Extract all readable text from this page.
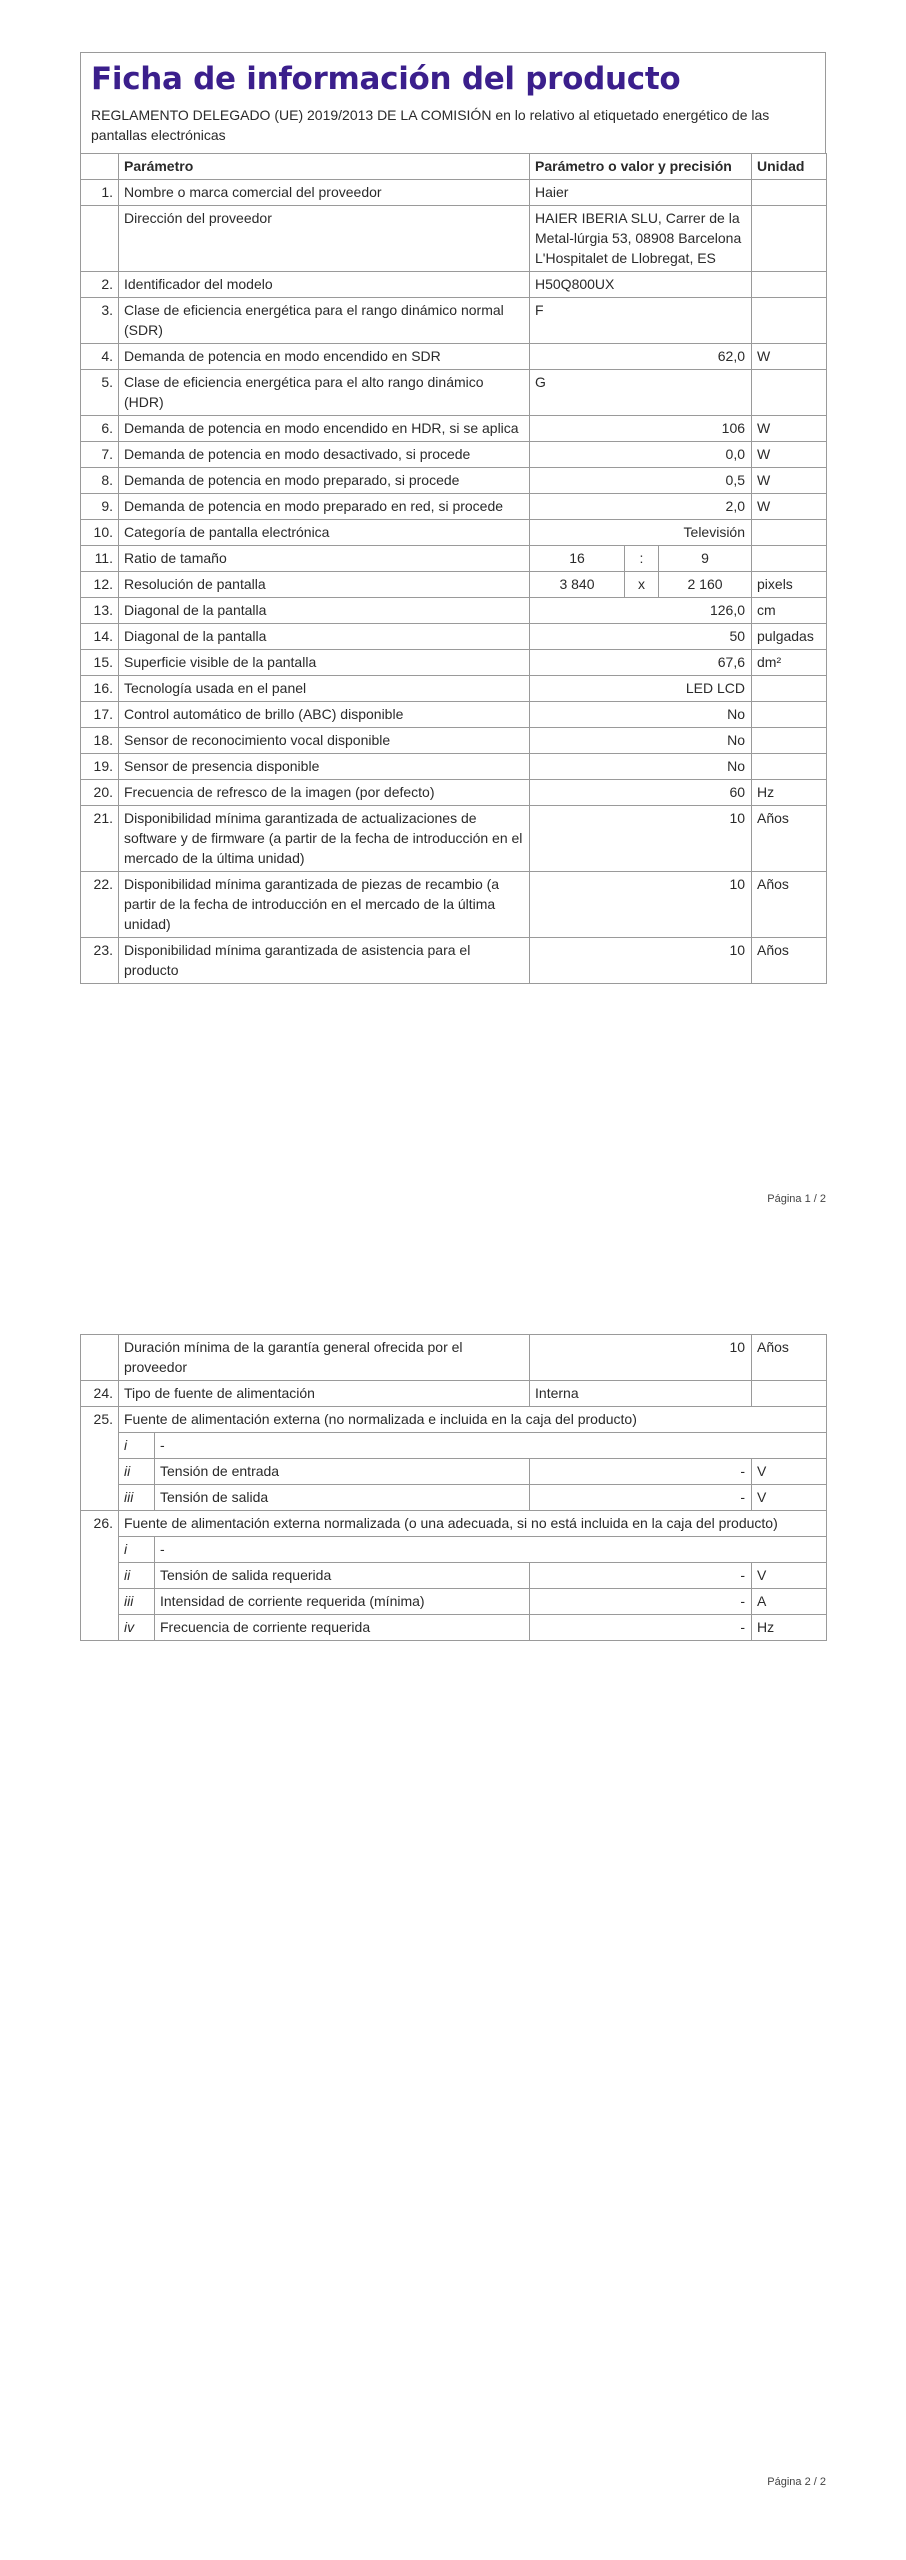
Ficha de información del producto
REGLAMENTO DELEGADO (UE) 2019/2013 DE LA COMISIÓN en lo relativo al etiquetado energético de las pantallas electrónicas
	Parámetro	Parámetro o valor y precisión			Unidad
1.	Nombre o marca comercial del proveedor	Haier			
	Dirección del proveedor	HAIER IBERIA SLU, Carrer de la Metal-lúrgia 53, 08908 Barcelona L'Hospitalet de Llobregat, ES			
2.	Identificador del modelo	H50Q800UX			
3.	Clase de eficiencia energética para el rango dinámico normal (SDR)	F			
4.	Demanda de potencia en modo encendido en SDR	62,0			W
5.	Clase de eficiencia energética para el alto rango dinámico (HDR)	G			
6.	Demanda de potencia en modo encendido en HDR, si se aplica	106			W
7.	Demanda de potencia en modo desactivado, si procede	0,0			W
8.	Demanda de potencia en modo preparado, si procede	0,5			W
9.	Demanda de potencia en modo preparado en red, si procede	2,0			W
10.	Categoría de pantalla electrónica	Televisión			
11.	Ratio de tamaño	16	:	9	
12.	Resolución de pantalla	3 840	x	2 160	pixels
13.	Diagonal de la pantalla	126,0			cm
14.	Diagonal de la pantalla	50			pulgadas
15.	Superficie visible de la pantalla	67,6			dm²
16.	Tecnología usada en el panel	LED LCD			
17.	Control automático de brillo (ABC) disponible	No			
18.	Sensor de reconocimiento vocal disponible	No			
19.	Sensor de presencia disponible	No			
20.	Frecuencia de refresco de la imagen (por defecto)	60			Hz
21.	Disponibilidad mínima garantizada de actualizaciones de software y de firmware (a partir de la fecha de introducción en el mercado de la última unidad)	10			Años
22.	Disponibilidad mínima garantizada de piezas de recambio (a partir de la fecha de introducción en el mercado de la última unidad)	10			Años
23.	Disponibilidad mínima garantizada de asistencia para el producto	10			Años
Página 1 / 2
	Duración mínima de la garantía general ofrecida por el proveedor		10	Años
24.	Tipo de fuente de alimentación		Interna	
25.	Fuente de alimentación externa (no normalizada e incluida en la caja del producto)			
	i	-		
	ii	Tensión de entrada	-	V
	iii	Tensión de salida	-	V
26.	Fuente de alimentación externa normalizada (o una adecuada, si no está incluida en la caja del producto)			
	i	-		
	ii	Tensión de salida requerida	-	V
	iii	Intensidad de corriente requerida (mínima)	-	A
	iv	Frecuencia de corriente requerida	-	Hz
Página 2 / 2
